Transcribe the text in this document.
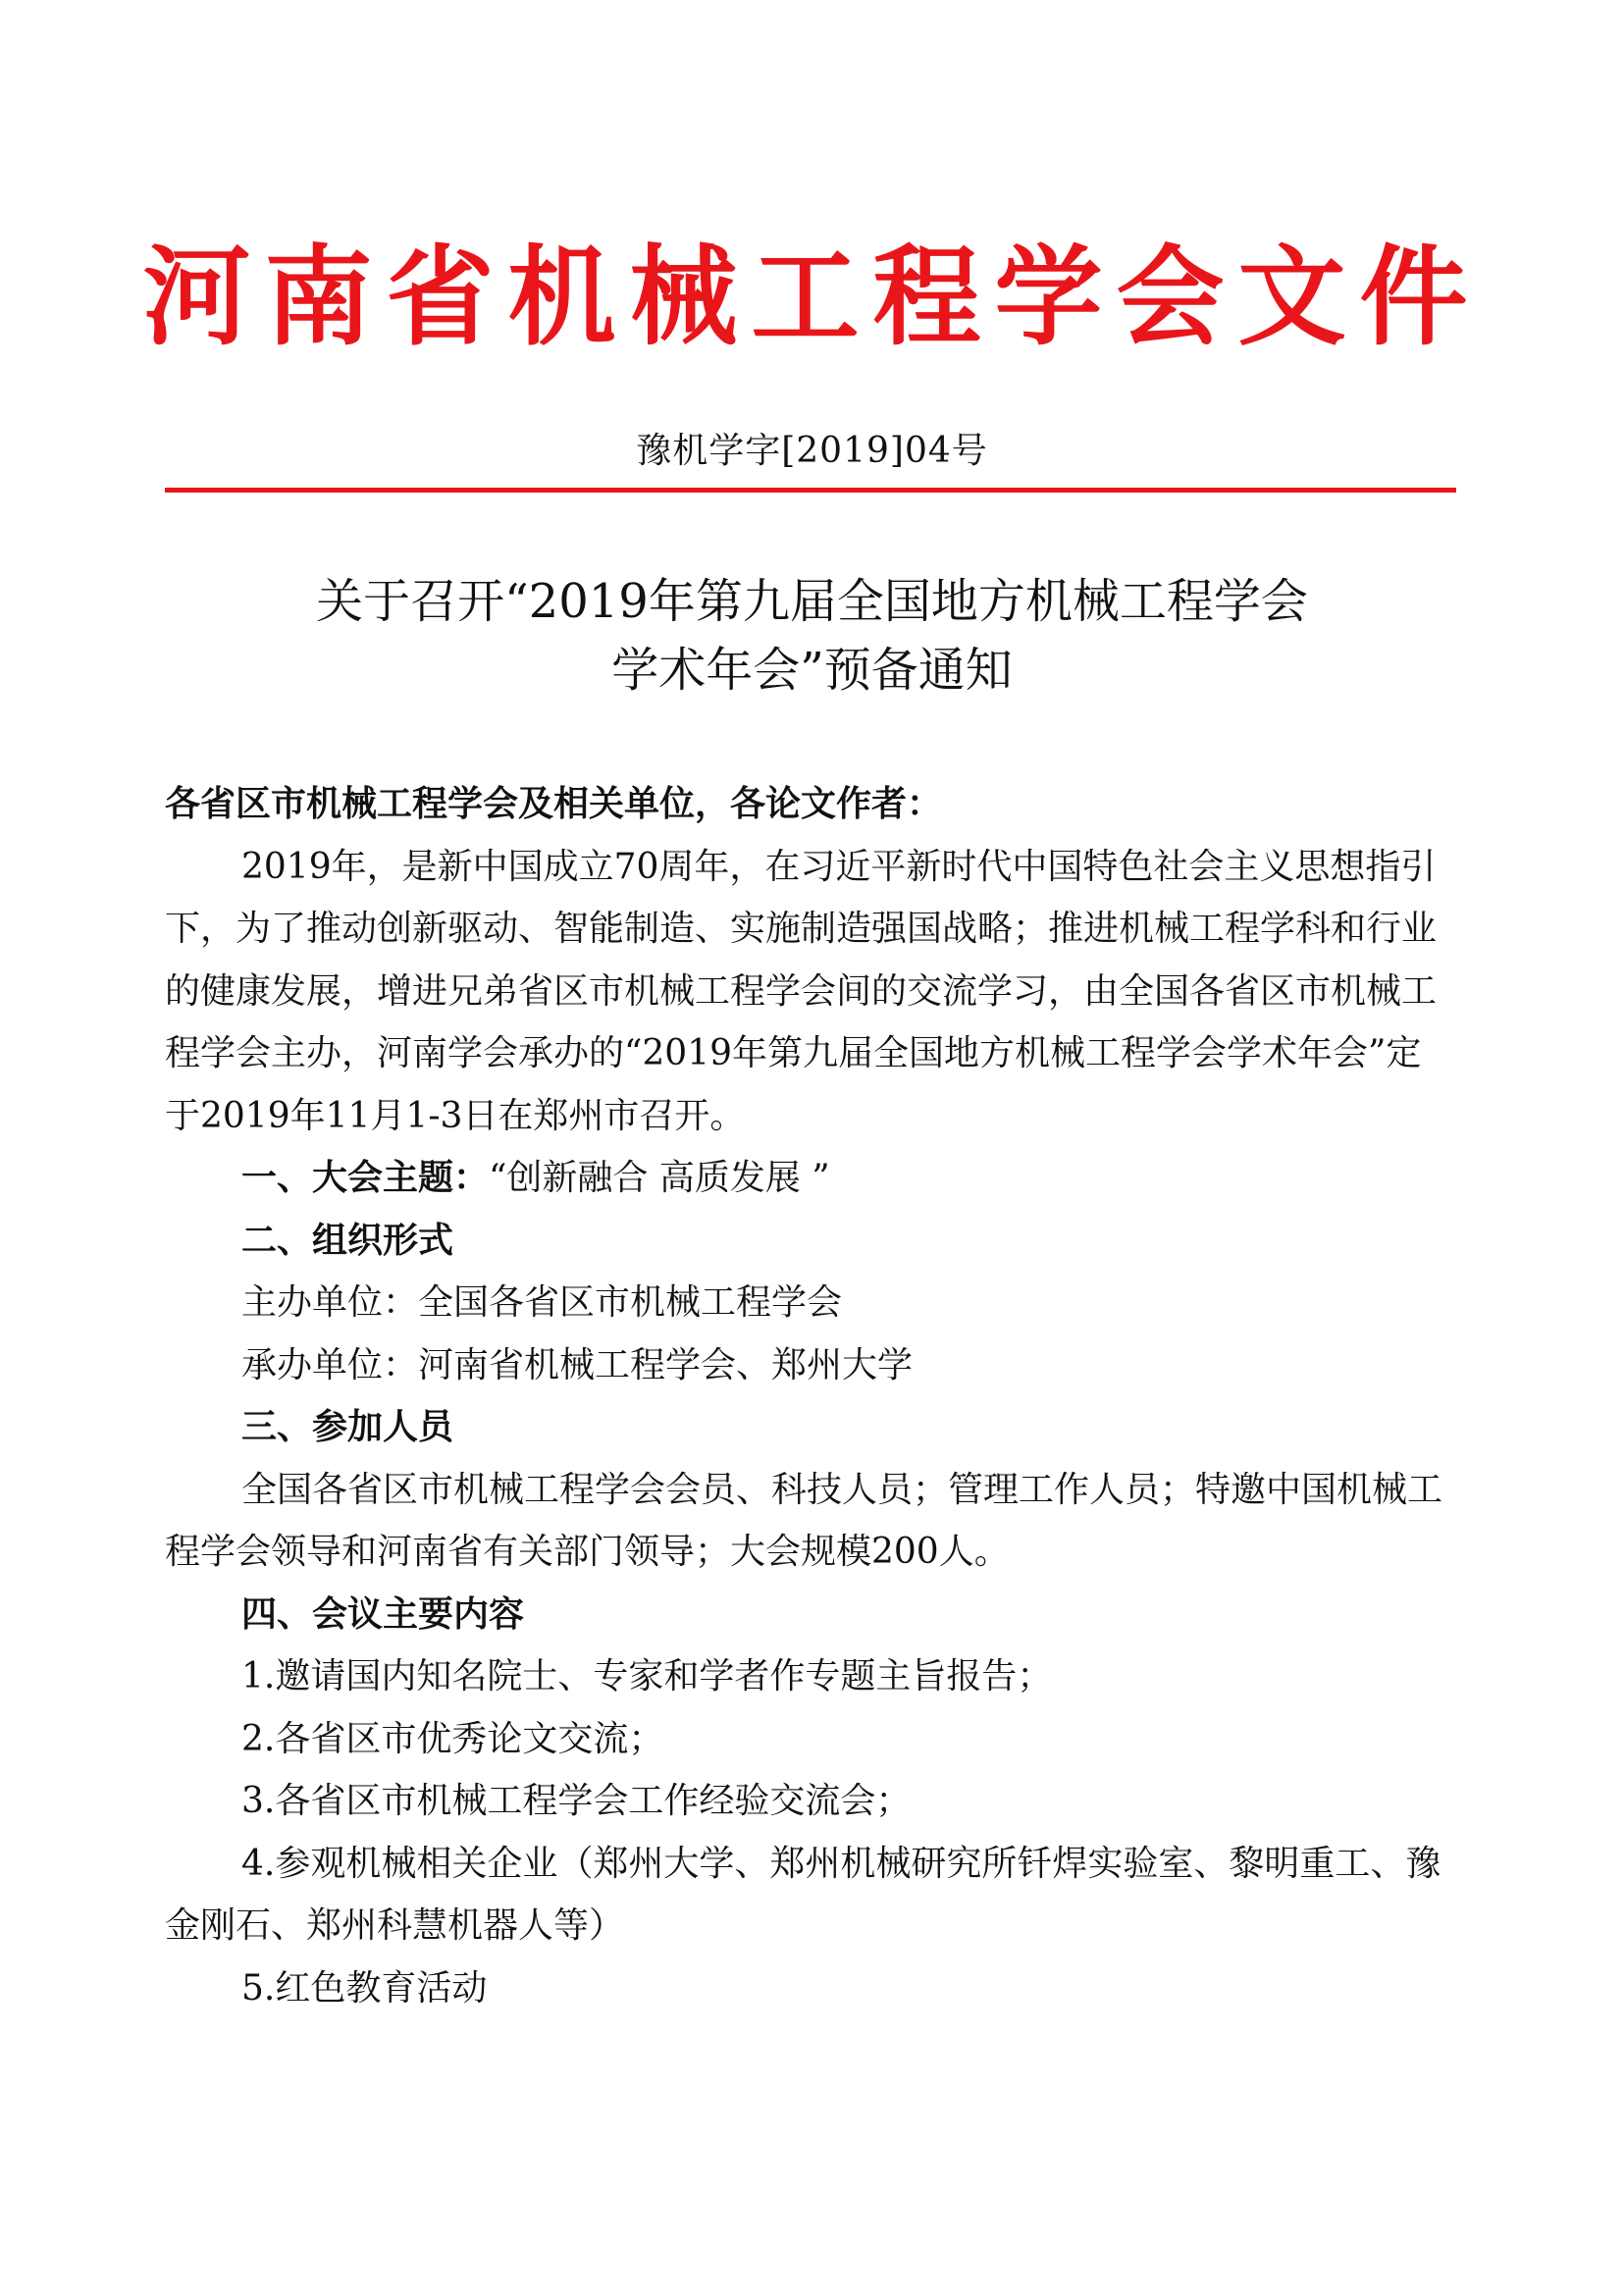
河南省机械工程学会文件
豫机学字[2019]04号
关于召开“2019年第九届全国地方机械工程学会
学术年会”预备通知

各省区市机械工程学会及相关单位，各论文作者：

2019年，是新中国成立70周年，在习近平新时代中国特色社会主义思想指引下，为了推动创新驱动、智能制造、实施制造强国战略；推进机械工程学科和行业的健康发展，增进兄弟省区市机械工程学会间的交流学习，由全国各省区市机械工程学会主办，河南学会承办的“2019年第九届全国地方机械工程学会学术年会”定于2019年11月1-3日在郑州市召开。

一、大会主题：“创新融合 高质发展 ”

二、组织形式

主办单位：全国各省区市机械工程学会

承办单位：河南省机械工程学会、郑州大学

三、参加人员

全国各省区市机械工程学会会员、科技人员；管理工作人员；特邀中国机械工程学会领导和河南省有关部门领导；大会规模200人。

四、会议主要内容

1.邀请国内知名院士、专家和学者作专题主旨报告；

2.各省区市优秀论文交流；

3.各省区市机械工程学会工作经验交流会；

4.参观机械相关企业（郑州大学、郑州机械研究所钎焊实验室、黎明重工、豫金刚石、郑州科慧机器人等）

5.红色教育活动
